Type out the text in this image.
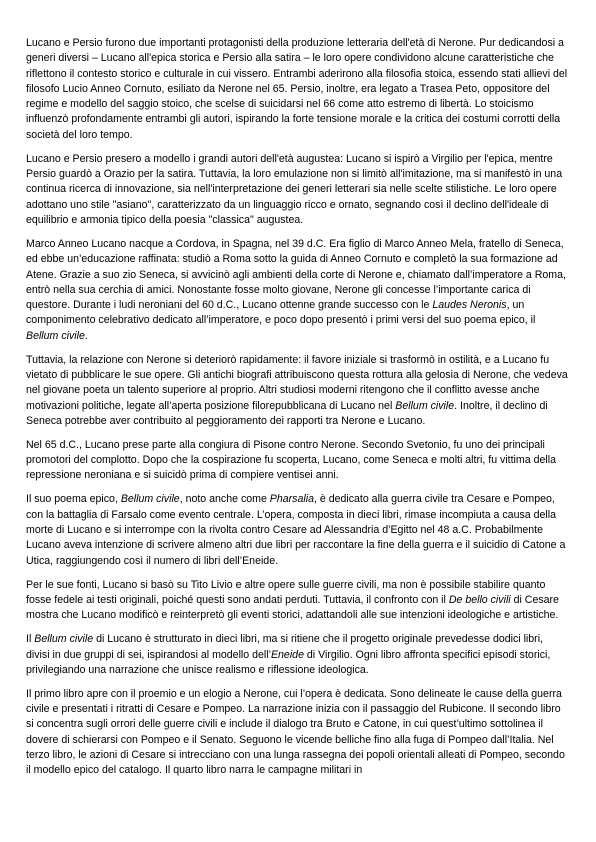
Lucano e Persio furono due importanti protagonisti della produzione letteraria dell'età di Nerone. Pur dedicandosi a generi diversi – Lucano all'epica storica e Persio alla satira – le loro opere condividono alcune caratteristiche che riflettono il contesto storico e culturale in cui vissero. Entrambi aderirono alla filosofia stoica, essendo stati allievi del filosofo Lucio Anneo Cornuto, esiliato da Nerone nel 65. Persio, inoltre, era legato a Trasea Peto, oppositore del regime e modello del saggio stoico, che scelse di suicidarsi nel 66 come atto estremo di libertà. Lo stoicismo influenzò profondamente entrambi gli autori, ispirando la forte tensione morale e la critica dei costumi corrotti della società del loro tempo.

Lucano e Persio presero a modello i grandi autori dell'età augustea: Lucano si ispirò a Virgilio per l'epica, mentre Persio guardò a Orazio per la satira. Tuttavia, la loro emulazione non si limitò all'imitazione, ma si manifestò in una continua ricerca di innovazione, sia nell'interpretazione dei generi letterari sia nelle scelte stilistiche. Le loro opere adottano uno stile "asiano", caratterizzato da un linguaggio ricco e ornato, segnando così il declino dell'ideale di equilibrio e armonia tipico della poesia "classica" augustea.

Marco Anneo Lucano nacque a Cordova, in Spagna, nel 39 d.C. Era figlio di Marco Anneo Mela, fratello di Seneca, ed ebbe un’educazione raffinata: studiò a Roma sotto la guida di Anneo Cornuto e completò la sua formazione ad Atene. Grazie a suo zio Seneca, si avvicinò agli ambienti della corte di Nerone e, chiamato dall’imperatore a Roma, entrò nella sua cerchia di amici. Nonostante fosse molto giovane, Nerone gli concesse l’importante carica di questore. Durante i ludi neroniani del 60 d.C., Lucano ottenne grande successo con le Laudes Neronis, un componimento celebrativo dedicato all’imperatore, e poco dopo presentò i primi versi del suo poema epico, il Bellum civile.

Tuttavia, la relazione con Nerone si deteriorò rapidamente: il favore iniziale si trasformò in ostilità, e a Lucano fu vietato di pubblicare le sue opere. Gli antichi biografi attribuiscono questa rottura alla gelosia di Nerone, che vedeva nel giovane poeta un talento superiore al proprio. Altri studiosi moderni ritengono che il conflitto avesse anche motivazioni politiche, legate all’aperta posizione filorepubblicana di Lucano nel Bellum civile. Inoltre, il declino di Seneca potrebbe aver contribuito al peggioramento dei rapporti tra Nerone e Lucano.

Nel 65 d.C., Lucano prese parte alla congiura di Pisone contro Nerone. Secondo Svetonio, fu uno dei principali promotori del complotto. Dopo che la cospirazione fu scoperta, Lucano, come Seneca e molti altri, fu vittima della repressione neroniana e si suicidò prima di compiere ventisei anni.

Il suo poema epico, Bellum civile, noto anche come Pharsalia, è dedicato alla guerra civile tra Cesare e Pompeo, con la battaglia di Farsalo come evento centrale. L’opera, composta in dieci libri, rimase incompiuta a causa della morte di Lucano e si interrompe con la rivolta contro Cesare ad Alessandria d’Egitto nel 48 a.C. Probabilmente Lucano aveva intenzione di scrivere almeno altri due libri per raccontare la fine della guerra e il suicidio di Catone a Utica, raggiungendo così il numero di libri dell’Eneide.

Per le sue fonti, Lucano si basò su Tito Livio e altre opere sulle guerre civili, ma non è possibile stabilire quanto fosse fedele ai testi originali, poiché questi sono andati perduti. Tuttavia, il confronto con il De bello civili di Cesare mostra che Lucano modificò e reinterpretò gli eventi storici, adattandoli alle sue intenzioni ideologiche e artistiche.

Il Bellum civile di Lucano è strutturato in dieci libri, ma si ritiene che il progetto originale prevedesse dodici libri, divisi in due gruppi di sei, ispirandosi al modello dell’Eneide di Virgilio. Ogni libro affronta specifici episodi storici, privilegiando una narrazione che unisce realismo e riflessione ideologica.

Il primo libro apre con il proemio e un elogio a Nerone, cui l’opera è dedicata. Sono delineate le cause della guerra civile e presentati i ritratti di Cesare e Pompeo. La narrazione inizia con il passaggio del Rubicone. Il secondo libro si concentra sugli orrori delle guerre civili e include il dialogo tra Bruto e Catone, in cui quest’ultimo sottolinea il dovere di schierarsi con Pompeo e il Senato. Seguono le vicende belliche fino alla fuga di Pompeo dall’Italia. Nel terzo libro, le azioni di Cesare si intrecciano con una lunga rassegna dei popoli orientali alleati di Pompeo, secondo il modello epico del catalogo. Il quarto libro narra le campagne militari in
